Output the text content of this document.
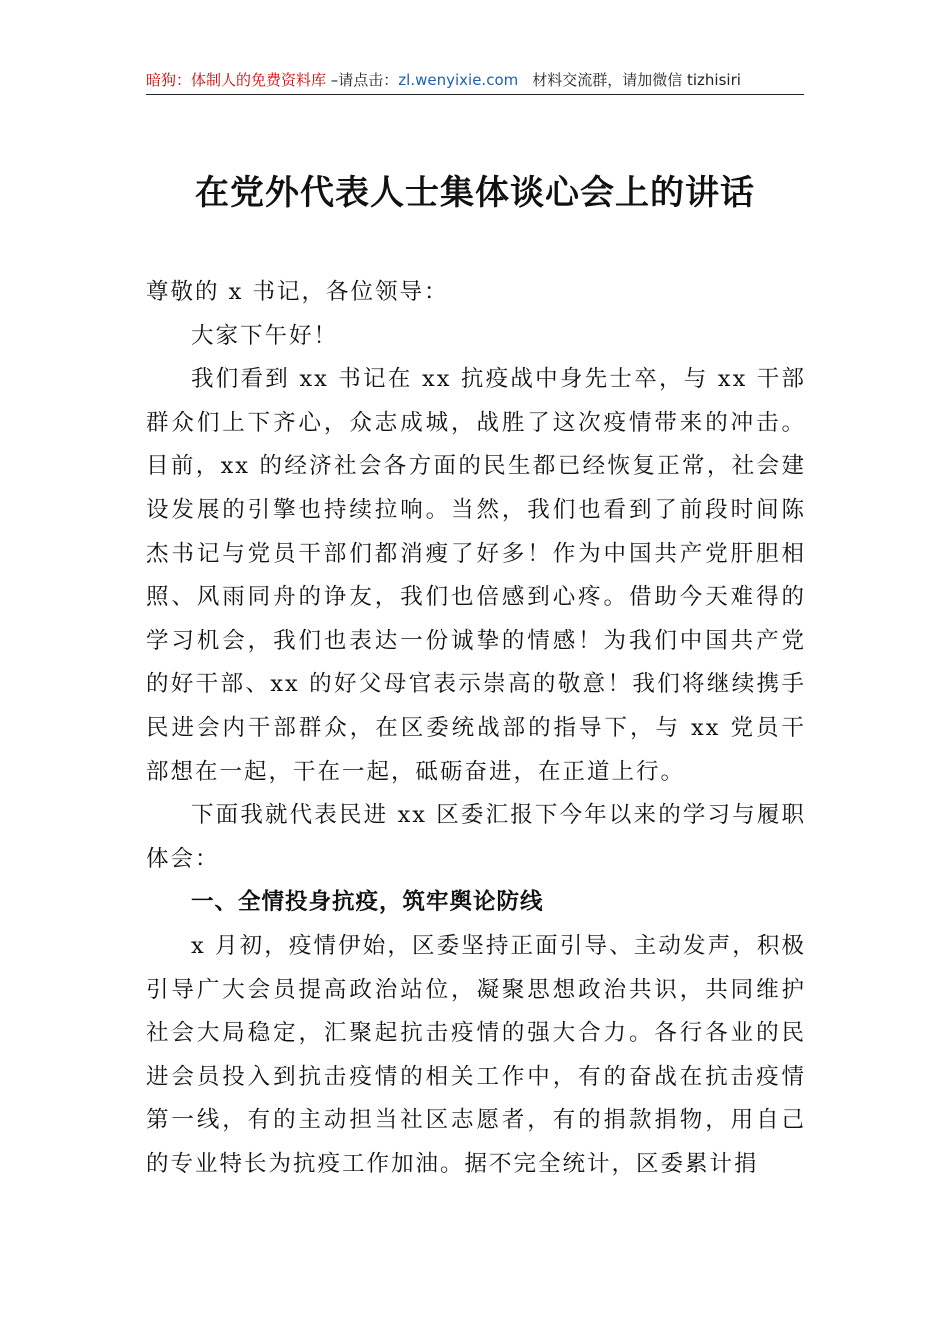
暗狗：体制人的免费资料库 –请点击：zl.wenyixie.com 材料交流群，请加微信 tizhisiri
在党外代表人士集体谈心会上的讲话

尊敬的 x 书记，各位领导：

大家下午好！

我们看到 xx 书记在 xx 抗疫战中身先士卒，与 xx 干部群众们上下齐心，众志成城，战胜了这次疫情带来的冲击。目前，xx 的经济社会各方面的民生都已经恢复正常，社会建设发展的引擎也持续拉响。当然，我们也看到了前段时间陈杰书记与党员干部们都消瘦了好多！作为中国共产党肝胆相照、风雨同舟的诤友，我们也倍感到心疼。借助今天难得的学习机会，我们也表达一份诚挚的情感！为我们中国共产党的好干部、xx 的好父母官表示崇高的敬意！我们将继续携手民进会内干部群众，在区委统战部的指导下，与 xx 党员干部想在一起，干在一起，砥砺奋进，在正道上行。

下面我就代表民进 xx 区委汇报下今年以来的学习与履职体会：

一、全情投身抗疫，筑牢舆论防线

x 月初，疫情伊始，区委坚持正面引导、主动发声，积极引导广大会员提高政治站位，凝聚思想政治共识，共同维护社会大局稳定，汇聚起抗击疫情的强大合力。各行各业的民进会员投入到抗击疫情的相关工作中，有的奋战在抗击疫情第一线，有的主动担当社区志愿者，有的捐款捐物，用自己的专业特长为抗疫工作加油。据不完全统计，区委累计捐
